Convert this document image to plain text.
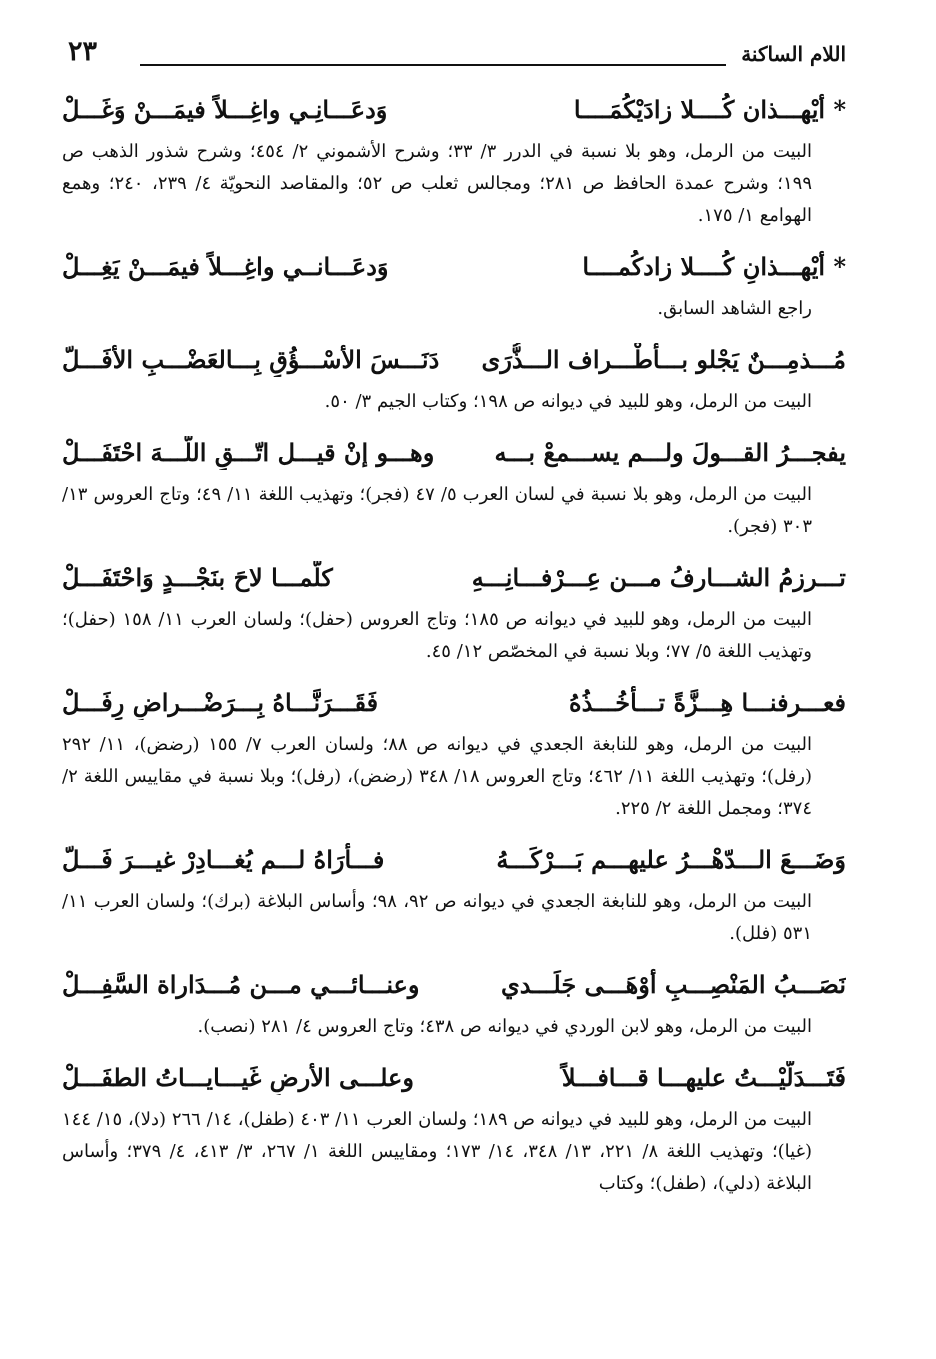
اللام الساكنة
٢٣
* أيْهـــذان كُــــلا زادَيْكُمَــــا
وَدعَـــانِـي واغِـــلاً فيمَـــنْ وَغَـــلْ
البيت من الرمل، وهو بلا نسبة في الدرر ٣/ ٣٣؛ وشرح الأشموني ٢/ ٤٥٤؛ وشرح شذور الذهب ص ١٩٩؛ وشرح عمدة الحافظ ص ٢٨١؛ ومجالس ثعلب ص ٥٢؛ والمقاصد النحويّة ٤/ ٢٣٩، ٢٤٠؛ وهمع الهوامع ١/ ١٧٥.
* أيْهـــذانِ كُــــلا زادكُمــــا
وَدعَـــانــي واغِـــلاً فيمَـــنْ يَغِـــلْ
راجع الشاهد السابق.
مُـــذمِـــنٌ يَجْلو بـــأطْـــراف الـــذُّرَى
دَنَـــسَ الأسْـــؤُقِ بِـــالعَضْـــبِ الأفَـــلّ
البيت من الرمل، وهو للبيد في ديوانه ص ١٩٨؛ وكتاب الجيم ٣/ ٥٠.
يفجـــرُ القـــولَ ولـــم يســـمعْ بـــه
وهـــو إنْ قيـــل اتّـــقِ اللّـــهَ احْتَفَـــلْ
البيت من الرمل، وهو بلا نسبة في لسان العرب ٥/ ٤٧ (فجر)؛ وتهذيب اللغة ١١/ ٤٩؛ وتاج العروس ١٣/ ٣٠٣ (فجر).
تـــرزمُ الشـــارفُ مـــن عِـــرْفـــانِـــهِ
كلّمـــا لاحَ بنَجْـــدٍ وَاحْتَفَـــلْ
البيت من الرمل، وهو للبيد في ديوانه ص ١٨٥؛ وتاج العروس (حفل)؛ ولسان العرب ١١/ ١٥٨ (حفل)؛ وتهذيب اللغة ٥/ ٧٧؛ وبلا نسبة في المخصّص ١٢/ ٤٥.
فعـــرفنـــا هِـــزَّةً تـــأخُـــذُهُ
فَقَـــرَنَّـــاهُ بِـــرَضْـــراضٍ رِفَـــلْ
البيت من الرمل، وهو للنابغة الجعدي في ديوانه ص ٨٨؛ ولسان العرب ٧/ ١٥٥ (رضض)، ١١/ ٢٩٢ (رفل)؛ وتهذيب اللغة ١١/ ٤٦٢؛ وتاج العروس ١٨/ ٣٤٨ (رضض)، (رفل)؛ وبلا نسبة في مقاييس اللغة ٢/ ٣٧٤؛ ومجمل اللغة ٢/ ٢٢٥.
وَضَـــعَ الـــدّهْـــرُ عليهـــم بَـــرْكَـــهُ
فـــأَرَاهُ لـــم يُغـــادِرْ غيـــرَ فَـــلّ
البيت من الرمل، وهو للنابغة الجعدي في ديوانه ص ٩٢، ٩٨؛ وأساس البلاغة (برك)؛ ولسان العرب ١١/ ٥٣١ (فلل).
نَصَـــبُ المَنْصِـــبِ أوْهَـــى جَلَـــدي
وعنـــائـــي مـــن مُـــدَاراة السَّفِـــلْ
البيت من الرمل، وهو لابن الوردي في ديوانه ص ٤٣٨؛ وتاج العروس ٤/ ٢٨١ (نصب).
فَتَـــدَلَّيْـــتُ عليهـــا قـــافـــلاً
وعلـــى الأرضِ غَيـــايـــاتُ الطفَـــلْ
البيت من الرمل، وهو للبيد في ديوانه ص ١٨٩؛ ولسان العرب ١١/ ٤٠٣ (طفل)، ١٤/ ٢٦٦ (دلا)، ١٥/ ١٤٤ (غيا)؛ وتهذيب اللغة ٨/ ٢٢١، ١٣/ ٣٤٨، ١٤/ ١٧٣؛ ومقاييس اللغة ١/ ٢٦٧، ٣/ ٤١٣، ٤/ ٣٧٩؛ وأساس البلاغة (دلي)، (طفل)؛ وكتاب
